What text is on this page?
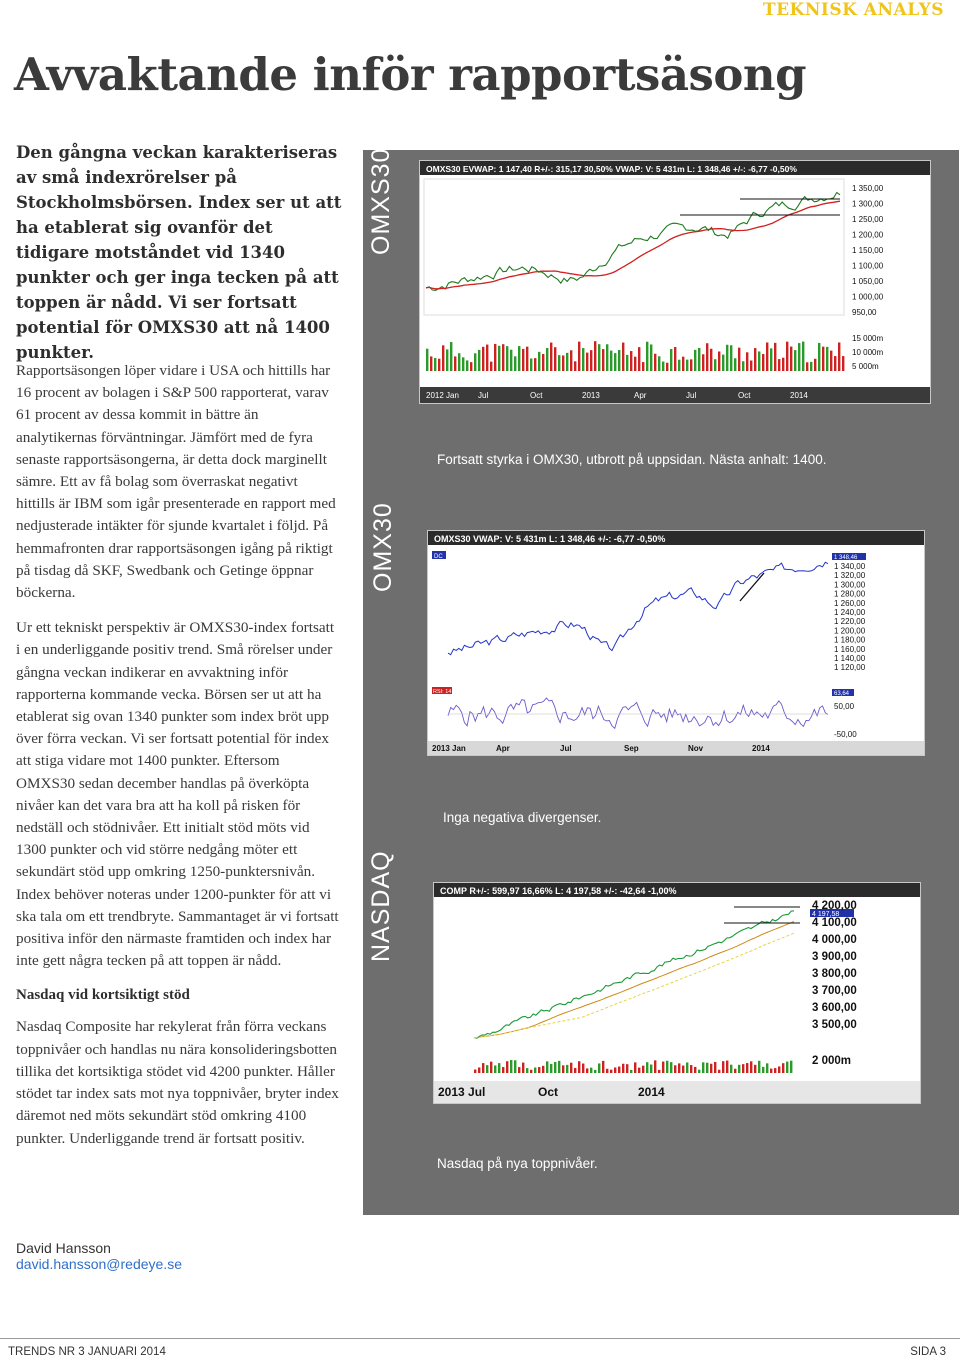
TEKNISK ANALYS
Avvaktande inför rapportsäsong
Den gångna veckan karakteriseras av små indexrörelser på Stockholmsbörsen. Index ser ut att ha etablerat sig ovanför det tidigare motståndet vid 1340 punkter och ger inga tecken på att toppen är nådd. Vi ser fortsatt potential för OMXS30 att nå 1400 punkter.

Rapportsäsongen löper vidare i USA och hittills har 16 procent av bolagen i S&P 500 rapporterat, varav 61 procent av dessa kommit in bättre än analytikernas förväntningar. Jämfört med de fyra senaste rapportsäsongerna, är detta dock marginellt sämre. Ett av få bolag som överraskat negativt hittills är IBM som igår presenterade en rapport med nedjusterade intäkter för sjunde kvartalet i följd. På hemmafronten drar rapportsäsongen igång på riktigt på tisdag då SKF, Swedbank och Getinge öppnar böckerna.

Ur ett tekniskt perspektiv är OMXS30-index fortsatt i en underliggande positiv trend. Små rörelser under gångna veckan indikerar en avvaktning inför rapporterna kommande vecka. Börsen ser ut att ha etablerat sig ovan 1340 punkter som index bröt upp över förra veckan. Vi ser fortsatt potential för index att stiga vidare mot 1400 punkter. Eftersom OMXS30 sedan december handlas på överköpta nivåer kan det vara bra att ha koll på risken för nedställ och stödnivåer. Ett initialt stöd möts vid 1300 punkter och vid större nedgång möter ett sekundärt stöd upp omkring 1250-punktersnivån. Index behöver noteras under 1200-punkter för att vi ska tala om ett trendbryte. Sammantaget är vi fortsatt positiva inför den närmaste framtiden och index har inte gett några tecken på att toppen är nådd.

Nasdaq vid kortsiktigt stöd

Nasdaq Composite har rekylerat från förra veckans toppnivåer och handlas nu nära konsolideringsbotten tillika det kortsiktiga stödet vid 4200 punkter. Håller stödet tar index sats mot nya toppnivåer, bryter index däremot ned möts sekundärt stöd omkring 4100 punkter. Underliggande trend är fortsatt positiv.

OMXS30	OMXS30 EVWAP: 1 147,40 R+/-: 315,17 30,50% VWAP: V: 5 431m L: 1 348,46 +/-: -6,77 -0,50%
1 350,00
1 300,00
1 250,00
1 200,00
1 150,00
1 100,00
1 050,00
1 000,00
950,00
15 000m
10 000m
5 000m
2012 Jan Jul	Oct	2013	Apr	Jul	Oct	2014
Fortsatt styrka i OMX30, utbrott på uppsidan. Nästa anhalt: 1400.
OMX30	OMXS30 VWAP: V: 5 431m L: 1 348,46 +/-: -6,77 -0,50%
DC	1 348,46
1 340,00
1 320,00
1 300,00
1 280,00
1 260,00
1 240,00
1 220,00
1 200,00
1 180,00
1 160,00
1 140,00
1 120,00
RSI: 14	63,64
50,00
-50,00
2013 Jan	Apr	Jul	Sep	Nov	2014
Inga negativa divergenser.
NASDAQ	COMP R+/-: 599,97 16,66% L: 4 197,58 +/-: -42,64 -1,00%
4 197,58
4 200,00
4 100,00
4 000,00
3 900,00
3 800,00
3 700,00
3 600,00
3 500,00
2 000m
2013 Jul	Oct	2014
Nasdaq på nya toppnivåer.
David Hansson
david.hansson@redeye.se
TRENDS NR 3 JANUARI 2014	SIDA 3
